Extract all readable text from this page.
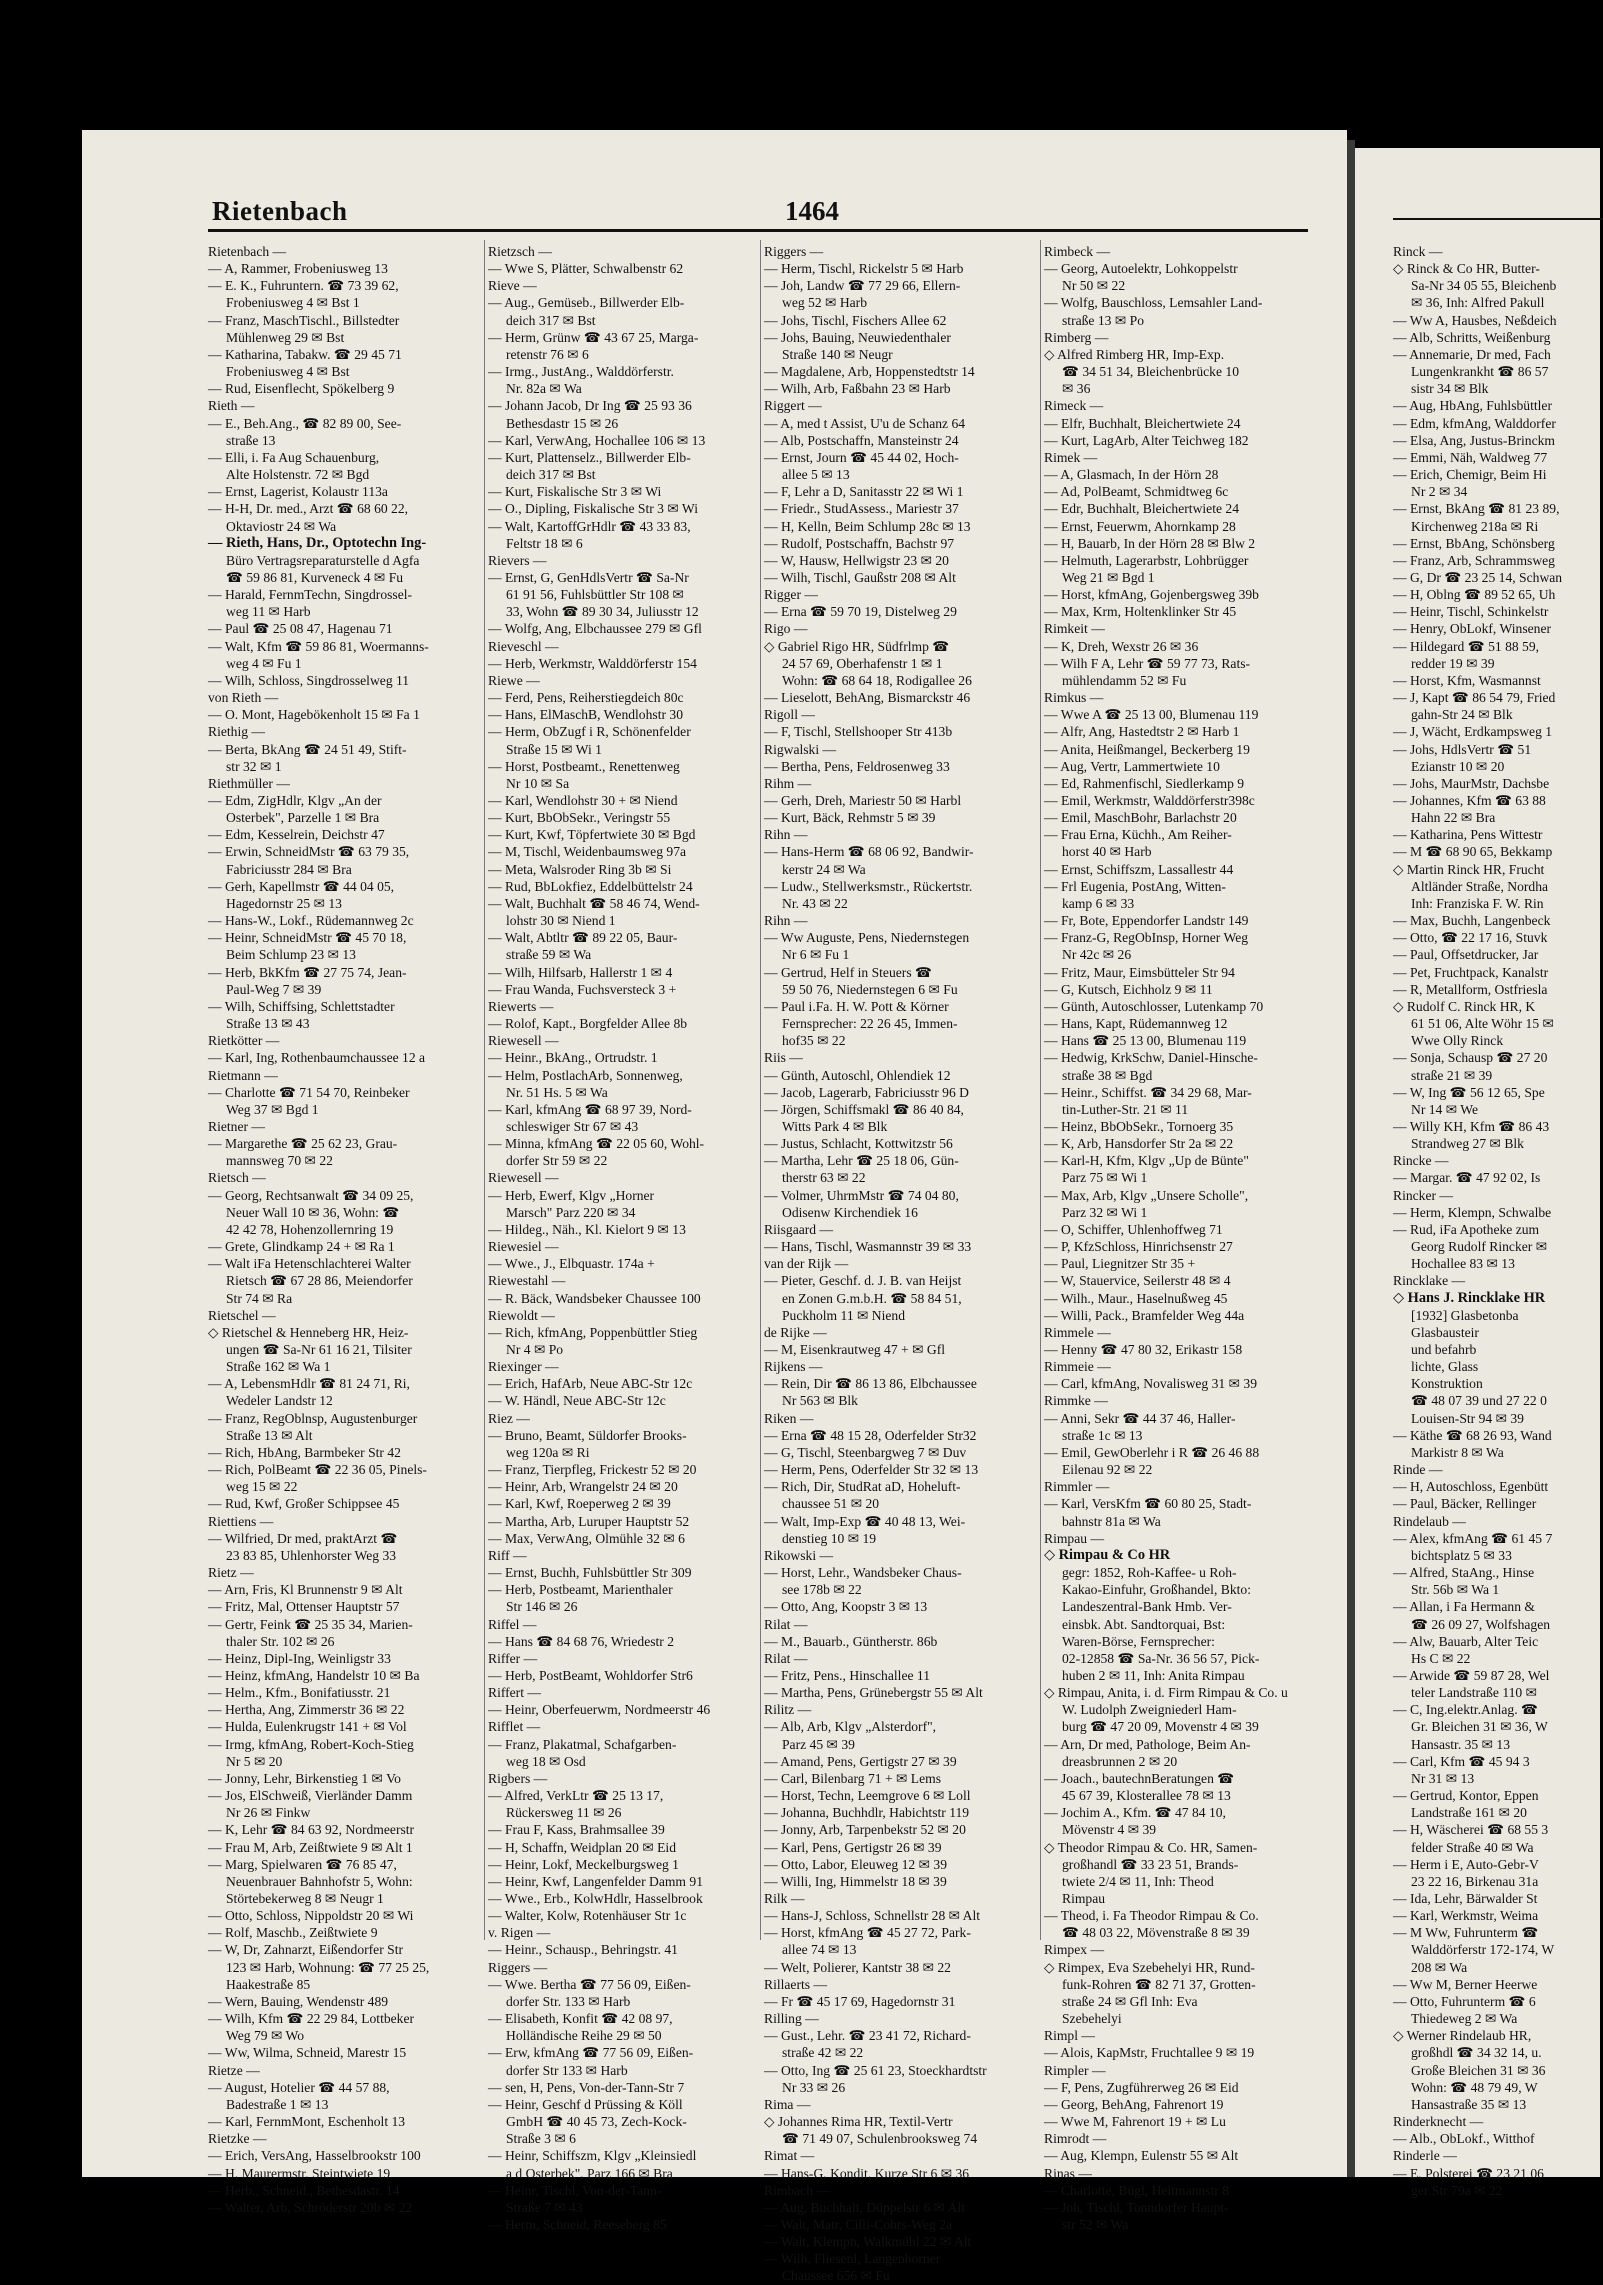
Rietenbach	1464
Rietenbach —
— A, Rammer, Frobeniusweg 13
— E. K., Fuhruntern. ☎ 73 39 62,
Frobeniusweg 4 ✉ Bst 1
— Franz, MaschTischl., Billstedter
Mühlenweg 29 ✉ Bst
— Katharina, Tabakw. ☎ 29 45 71
Frobeniusweg 4 ✉ Bst
— Rud, Eisenflecht, Spökelberg 9
Rieth —
— E., Beh.Ang., ☎ 82 89 00, See-
straße 13
— Elli, i. Fa Aug Schauenburg,
Alte Holstenstr. 72 ✉ Bgd
— Ernst, Lagerist, Kolaustr 113a
— H-H, Dr. med., Arzt ☎ 68 60 22,
Oktaviostr 24 ✉ Wa
— Rieth, Hans, Dr., Optotechn Ing-
Büro Vertragsreparaturstelle d Agfa
☎ 59 86 81, Kurveneck 4 ✉ Fu
— Harald, FernmTechn, Singdrossel-
weg 11 ✉ Harb
— Paul ☎ 25 08 47, Hagenau 71
— Walt, Kfm ☎ 59 86 81, Woermanns-
weg 4 ✉ Fu 1
— Wilh, Schloss, Singdrosselweg 11
von Rieth —
— O. Mont, Hagebökenholt 15 ✉ Fa 1
Riethig —
— Berta, BkAng ☎ 24 51 49, Stift-
str 32 ✉ 1
Riethmüller —
— Edm, ZigHdlr, Klgv „An der
Osterbek", Parzelle 1 ✉ Bra
— Edm, Kesselrein, Deichstr 47
— Erwin, SchneidMstr ☎ 63 79 35,
Fabriciusstr 284 ✉ Bra
— Gerh, Kapellmstr ☎ 44 04 05,
Hagedornstr 25 ✉ 13
— Hans-W., Lokf., Rüdemannweg 2c
— Heinr, SchneidMstr ☎ 45 70 18,
Beim Schlump 23 ✉ 13
— Herb, BkKfm ☎ 27 75 74, Jean-
Paul-Weg 7 ✉ 39
— Wilh, Schiffsing, Schlettstadter
Straße 13 ✉ 43
Rietkötter —
— Karl, Ing, Rothenbaumchaussee 12 a
Rietmann —
— Charlotte ☎ 71 54 70, Reinbeker
Weg 37 ✉ Bgd 1
Rietner —
— Margarethe ☎ 25 62 23, Grau-
mannsweg 70 ✉ 22
Rietsch —
— Georg, Rechtsanwalt ☎ 34 09 25,
Neuer Wall 10 ✉ 36, Wohn: ☎
42 42 78, Hohenzollernring 19
— Grete, Glindkamp 24 + ✉ Ra 1
— Walt iFa Hetenschlachterei Walter
Rietsch ☎ 67 28 86, Meiendorfer
Str 74 ✉ Ra
Rietschel —
◇ Rietschel & Henneberg HR, Heiz-
ungen ☎ Sa-Nr 61 16 21, Tilsiter
Straße 162 ✉ Wa 1
— A, LebensmHdlr ☎ 81 24 71, Ri,
Wedeler Landstr 12
— Franz, RegOblnsp, Augustenburger
Straße 13 ✉ Alt
— Rich, HbAng, Barmbeker Str 42
— Rich, PolBeamt ☎ 22 36 05, Pinels-
weg 15 ✉ 22
— Rud, Kwf, Großer Schippsee 45
Riettiens —
— Wilfried, Dr med, praktArzt ☎
23 83 85, Uhlenhorster Weg 33
Rietz —
— Arn, Fris, Kl Brunnenstr 9 ✉ Alt
— Fritz, Mal, Ottenser Hauptstr 57
— Gertr, Feink ☎ 25 35 34, Marien-
thaler Str. 102 ✉ 26
— Heinz, Dipl-Ing, Weinligstr 33
— Heinz, kfmAng, Handelstr 10 ✉ Ba
— Helm., Kfm., Bonifatiusstr. 21
— Hertha, Ang, Zimmerstr 36 ✉ 22
— Hulda, Eulenkrugstr 141 + ✉ Vol
— Irmg, kfmAng, Robert-Koch-Stieg
Nr 5 ✉ 20
— Jonny, Lehr, Birkenstieg 1 ✉ Vo
— Jos, ElSchweiß, Vierländer Damm
Nr 26 ✉ Finkw
— K, Lehr ☎ 84 63 92, Nordmeerstr
— Frau M, Arb, Zeißtwiete 9 ✉ Alt 1
— Marg, Spielwaren ☎ 76 85 47,
Neuenbrauer Bahnhofstr 5, Wohn:
Störtebekerweg 8 ✉ Neugr 1
— Otto, Schloss, Nippoldstr 20 ✉ Wi
— Rolf, Maschb., Zeißtwiete 9
— W, Dr, Zahnarzt, Eißendorfer Str
123 ✉ Harb, Wohnung: ☎ 77 25 25,
Haakestraße 85
— Wern, Bauing, Wendenstr 489
— Wilh, Kfm ☎ 22 29 84, Lottbeker
Weg 79 ✉ Wo
— Ww, Wilma, Schneid, Marestr 15
Rietze —
— August, Hotelier ☎ 44 57 88,
Badestraße 1 ✉ 13
— Karl, FernmMont, Eschenholt 13
Rietzke —
— Erich, VersAng, Hasselbrookstr 100
— H, Maurermstr, Steintwiete 19
— Herb., Schneid., Bethesdastr. 14
— Walter, Arb, Schröderstr 20b ✉ 22
Rietzsch —
— Wwe S, Plätter, Schwalbenstr 62
Rieve —
— Aug., Gemüseb., Billwerder Elb-
deich 317 ✉ Bst
— Herm, Grünw ☎ 43 67 25, Marga-
retenstr 76 ✉ 6
— Irmg., JustAng., Walddörferstr.
Nr. 82a ✉ Wa
— Johann Jacob, Dr Ing ☎ 25 93 36
Bethesdastr 15 ✉ 26
— Karl, VerwAng, Hochallee 106 ✉ 13
— Kurt, Plattenselz., Billwerder Elb-
deich 317 ✉ Bst
— Kurt, Fiskalische Str 3 ✉ Wi
— O., Dipling, Fiskalische Str 3 ✉ Wi
— Walt, KartoffGrHdlr ☎ 43 33 83,
Feltstr 18 ✉ 6
Rievers —
— Ernst, G, GenHdlsVertr ☎ Sa-Nr
61 91 56, Fuhlsbüttler Str 108 ✉
33, Wohn ☎ 89 30 34, Juliusstr 12
— Wolfg, Ang, Elbchaussee 279 ✉ Gfl
Rieveschl —
— Herb, Werkmstr, Walddörferstr 154
Riewe —
— Ferd, Pens, Reiherstiegdeich 80c
— Hans, ElMaschB, Wendlohstr 30
— Herm, ObZugf i R, Schönenfelder
Straße 15 ✉ Wi 1
— Horst, Postbeamt., Renettenweg
Nr 10 ✉ Sa
— Karl, Wendlohstr 30 + ✉ Niend
— Kurt, BbObSekr., Veringstr 55
— Kurt, Kwf, Töpfertwiete 30 ✉ Bgd
— M, Tischl, Weidenbaumsweg 97a
— Meta, Walsroder Ring 3b ✉ Si
— Rud, BbLokfiez, Eddelbüttelstr 24
— Walt, Buchhalt ☎ 58 46 74, Wend-
lohstr 30 ✉ Niend 1
— Walt, Abtltr ☎ 89 22 05, Baur-
straße 59 ✉ Wa
— Wilh, Hilfsarb, Hallerstr 1 ✉ 4
— Frau Wanda, Fuchsversteck 3 +
Riewerts —
— Rolof, Kapt., Borgfelder Allee 8b
Riewesell —
— Heinr., BkAng., Ortrudstr. 1
— Helm, PostlachArb, Sonnenweg,
Nr. 51 Hs. 5 ✉ Wa
— Karl, kfmAng ☎ 68 97 39, Nord-
schleswiger Str 67 ✉ 43
— Minna, kfmAng ☎ 22 05 60, Wohl-
dorfer Str 59 ✉ 22
Riewesell —
— Herb, Ewerf, Klgv „Horner
Marsch" Parz 220 ✉ 34
— Hildeg., Näh., Kl. Kielort 9 ✉ 13
Riewesiel —
— Wwe., J., Elbquastr. 174a +
Riewestahl —
— R. Bäck, Wandsbeker Chaussee 100
Riewoldt —
— Rich, kfmAng, Poppenbüttler Stieg
Nr 4 ✉ Po
Riexinger —
— Erich, HafArb, Neue ABC-Str 12c
— W. Händl, Neue ABC-Str 12c
Riez —
— Bruno, Beamt, Süldorfer Brooks-
weg 120a ✉ Ri
— Franz, Tierpfleg, Frickestr 52 ✉ 20
— Heinr, Arb, Wrangelstr 24 ✉ 20
— Karl, Kwf, Roeperweg 2 ✉ 39
— Martha, Arb, Luruper Hauptstr 52
— Max, VerwAng, Olmühle 32 ✉ 6
Riff —
— Ernst, Buchh, Fuhlsbüttler Str 309
— Herb, Postbeamt, Marienthaler
Str 146 ✉ 26
Riffel —
— Hans ☎ 84 68 76, Wriedestr 2
Riffer —
— Herb, PostBeamt, Wohldorfer Str6
Riffert —
— Heinr, Oberfeuerwm, Nordmeerstr 46
Rifflet —
— Franz, Plakatmal, Schafgarben-
weg 18 ✉ Osd
Rigbers —
— Alfred, VerkLtr ☎ 25 13 17,
Rückersweg 11 ✉ 26
— Frau F, Kass, Brahmsallee 39
— H, Schaffn, Weidplan 20 ✉ Eid
— Heinr, Lokf, Meckelburgsweg 1
— Heinr, Kwf, Langenfelder Damm 91
— Wwe., Erb., KolwHdlr, Hasselbrook
— Walter, Kolw, Rotenhäuser Str 1c
v. Rigen —
— Heinr., Schausp., Behringstr. 41
Riggers —
— Wwe. Bertha ☎ 77 56 09, Eißen-
dorfer Str. 133 ✉ Harb
— Elisabeth, Konfit ☎ 42 08 97,
Holländische Reihe 29 ✉ 50
— Erw, kfmAng ☎ 77 56 09, Eißen-
dorfer Str 133 ✉ Harb
— sen, H, Pens, Von-der-Tann-Str 7
— Heinr, Geschf d Prüssing & Köll
GmbH ☎ 40 45 73, Zech-Kock-
Straße 3 ✉ 6
— Heinr, Schiffszm, Klgv „Kleinsiedl
a d Osterbek", Parz 166 ✉ Bra
— Heinr, Tischl, Von-der-Tann-
Straße 7 ✉ 43
— Herm, Schneid, Reeseberg 85
Riggers —
— Herm, Tischl, Rickelstr 5 ✉ Harb
— Joh, Landw ☎ 77 29 66, Ellern-
weg 52 ✉ Harb
— Johs, Tischl, Fischers Allee 62
— Johs, Bauing, Neuwiedenthaler
Straße 140 ✉ Neugr
— Magdalene, Arb, Hoppenstedtstr 14
— Wilh, Arb, Faßbahn 23 ✉ Harb
Riggert —
— A, med t Assist, U'u de Schanz 64
— Alb, Postschaffn, Mansteinstr 24
— Ernst, Journ ☎ 45 44 02, Hoch-
allee 5 ✉ 13
— F, Lehr a D, Sanitasstr 22 ✉ Wi 1
— Friedr., StudAssess., Mariestr 37
— H, Kelln, Beim Schlump 28c ✉ 13
— Rudolf, Postschaffn, Bachstr 97
— W, Hausw, Hellwigstr 23 ✉ 20
— Wilh, Tischl, Gaußstr 208 ✉ Alt
Rigger —
— Erna ☎ 59 70 19, Distelweg 29
Rigo —
◇ Gabriel Rigo HR, Südfrlmp ☎
24 57 69, Oberhafenstr 1 ✉ 1
Wohn: ☎ 68 64 18, Rodigallee 26
— Lieselott, BehAng, Bismarckstr 46
Rigoll —
— F, Tischl, Stellshooper Str 413b
Rigwalski —
— Bertha, Pens, Feldrosenweg 33
Rihm —
— Gerh, Dreh, Mariestr 50 ✉ Harbl
— Kurt, Bäck, Rehmstr 5 ✉ 39
Rihn —
— Hans-Herm ☎ 68 06 92, Bandwir-
kerstr 24 ✉ Wa
— Ludw., Stellwerksmstr., Rückertstr.
Nr. 43 ✉ 22
Rihn —
— Ww Auguste, Pens, Niedernstegen
Nr 6 ✉ Fu 1
— Gertrud, Helf in Steuers ☎
59 50 76, Niedernstegen 6 ✉ Fu
— Paul i.Fa. H. W. Pott & Körner
Fernsprecher: 22 26 45, Immen-
hof35 ✉ 22
Riis —
— Günth, Autoschl, Ohlendiek 12
— Jacob, Lagerarb, Fabriciusstr 96 D
— Jörgen, Schiffsmakl ☎ 86 40 84,
Witts Park 4 ✉ Blk
— Justus, Schlacht, Kottwitzstr 56
— Martha, Lehr ☎ 25 18 06, Gün-
therstr 63 ✉ 22
— Volmer, UhrmMstr ☎ 74 04 80,
Odisenw Kirchendiek 16
Riisgaard —
— Hans, Tischl, Wasmannstr 39 ✉ 33
van der Rijk —
— Pieter, Geschf. d. J. B. van Heijst
en Zonen G.m.b.H. ☎ 58 84 51,
Puckholm 11 ✉ Niend
de Rijke —
— M, Eisenkrautweg 47 + ✉ Gfl
Rijkens —
— Rein, Dir ☎ 86 13 86, Elbchaussee
Nr 563 ✉ Blk
Riken —
— Erna ☎ 48 15 28, Oderfelder Str32
— G, Tischl, Steenbargweg 7 ✉ Duv
— Herm, Pens, Oderfelder Str 32 ✉ 13
— Rich, Dir, StudRat aD, Hoheluft-
chaussee 51 ✉ 20
— Walt, Imp-Exp ☎ 40 48 13, Wei-
denstieg 10 ✉ 19
Rikowski —
— Horst, Lehr., Wandsbeker Chaus-
see 178b ✉ 22
— Otto, Ang, Koopstr 3 ✉ 13
Rilat —
— M., Bauarb., Güntherstr. 86b
Rilat —
— Fritz, Pens., Hinschallee 11
— Martha, Pens, Grünebergstr 55 ✉ Alt
Rilitz —
— Alb, Arb, Klgv „Alsterdorf",
Parz 45 ✉ 39
— Amand, Pens, Gertigstr 27 ✉ 39
— Carl, Bilenbarg 71 + ✉ Lems
— Horst, Techn, Leemgrove 6 ✉ Loll
— Johanna, Buchhdlr, Habichtstr 119
— Jonny, Arb, Tarpenbekstr 52 ✉ 20
— Karl, Pens, Gertigstr 26 ✉ 39
— Otto, Labor, Eleuweg 12 ✉ 39
— Willi, Ing, Himmelstr 18 ✉ 39
Rilk —
— Hans-J, Schloss, Schnellstr 28 ✉ Alt
— Horst, kfmAng ☎ 45 27 72, Park-
allee 74 ✉ 13
— Welt, Polierer, Kantstr 38 ✉ 22
Rillaerts —
— Fr ☎ 45 17 69, Hagedornstr 31
Rilling —
— Gust., Lehr. ☎ 23 41 72, Richard-
straße 42 ✉ 22
— Otto, Ing ☎ 25 61 23, Stoeckhardtstr
Nr 33 ✉ 26
Rima —
◇ Johannes Rima HR, Textil-Vertr
☎ 71 49 07, Schulenbrooksweg 74
Rimat —
— Hans-G, Kondit, Kurze Str 6 ✉ 36
Rimbach —
— Aug, Buchhalt, Düppelstr 6 ✉ Alt
— Walt, Matr, Cilli-Cohrs-Weg 2a
— Walt, Klempn, Walkmühl 22 ✉ Alt
— Wilh, Fliesenl, Langenhorner
Chaussee 656 ✉ Fu
Rimbeck —
— Georg, Autoelektr, Lohkoppelstr
Nr 50 ✉ 22
— Wolfg, Bauschloss, Lemsahler Land-
straße 13 ✉ Po
Rimberg —
◇ Alfred Rimberg HR, Imp-Exp.
☎ 34 51 34, Bleichenbrücke 10
✉ 36
Rimeck —
— Elfr, Buchhalt, Bleichertwiete 24
— Kurt, LagArb, Alter Teichweg 182
Rimek —
— A, Glasmach, In der Hörn 28
— Ad, PolBeamt, Schmidtweg 6c
— Edr, Buchhalt, Bleichertwiete 24
— Ernst, Feuerwm, Ahornkamp 28
— H, Bauarb, In der Hörn 28 ✉ Blw 2
— Helmuth, Lagerarbstr, Lohbrügger
Weg 21 ✉ Bgd 1
— Horst, kfmAng, Gojenbergsweg 39b
— Max, Krm, Holtenklinker Str 45
Rimkeit —
— K, Dreh, Wexstr 26 ✉ 36
— Wilh F A, Lehr ☎ 59 77 73, Rats-
mühlendamm 52 ✉ Fu
Rimkus —
— Wwe A ☎ 25 13 00, Blumenau 119
— Alfr, Ang, Hastedtstr 2 ✉ Harb 1
— Anita, Heißmangel, Beckerberg 19
— Aug, Vertr, Lammertwiete 10
— Ed, Rahmenfischl, Siedlerkamp 9
— Emil, Werkmstr, Walddörferstr398c
— Emil, MaschBohr, Barlachstr 20
— Frau Erna, Küchh., Am Reiher-
horst 40 ✉ Harb
— Ernst, Schiffszm, Lassallestr 44
— Frl Eugenia, PostAng, Witten-
kamp 6 ✉ 33
— Fr, Bote, Eppendorfer Landstr 149
— Franz-G, RegObInsp, Horner Weg
Nr 42c ✉ 26
— Fritz, Maur, Eimsbütteler Str 94
— G, Kutsch, Eichholz 9 ✉ 11
— Günth, Autoschlosser, Lutenkamp 70
— Hans, Kapt, Rüdemannweg 12
— Hans ☎ 25 13 00, Blumenau 119
— Hedwig, KrkSchw, Daniel-Hinsche-
straße 38 ✉ Bgd
— Heinr., Schiffst. ☎ 34 29 68, Mar-
tin-Luther-Str. 21 ✉ 11
— Heinz, BbObSekr., Tornoerg 35
— K, Arb, Hansdorfer Str 2a ✉ 22
— Karl-H, Kfm, Klgv „Up de Bünte"
Parz 75 ✉ Wi 1
— Max, Arb, Klgv „Unsere Scholle",
Parz 32 ✉ Wi 1
— O, Schiffer, Uhlenhoffweg 71
— P, KfzSchloss, Hinrichsenstr 27
— Paul, Liegnitzer Str 35 +
— W, Stauervice, Seilerstr 48 ✉ 4
— Wilh., Maur., Haselnußweg 45
— Willi, Pack., Bramfelder Weg 44a
Rimmele —
— Henny ☎ 47 80 32, Erikastr 158
Rimmeie —
— Carl, kfmAng, Novalisweg 31 ✉ 39
Rimmke —
— Anni, Sekr ☎ 44 37 46, Haller-
straße 1c ✉ 13
— Emil, GewOberlehr i R ☎ 26 46 88
Eilenau 92 ✉ 22
Rimmler —
— Karl, VersKfm ☎ 60 80 25, Stadt-
bahnstr 81a ✉ Wa
Rimpau —
◇ Rimpau & Co HR
gegr: 1852, Roh-Kaffee- u Roh-
Kakao-Einfuhr, Großhandel, Bkto:
Landeszentral-Bank Hmb. Ver-
einsbk. Abt. Sandtorquai, Bst:
Waren-Börse, Fernsprecher:
02-12858 ☎ Sa-Nr. 36 56 57, Pick-
huben 2 ✉ 11, Inh: Anita Rimpau
◇ Rimpau, Anita, i. d. Firm Rimpau & Co. u
W. Ludolph Zweigniederl Ham-
burg ☎ 47 20 09, Movenstr 4 ✉ 39
— Arn, Dr med, Pathologe, Beim An-
dreasbrunnen 2 ✉ 20
— Joach., bautechnBeratungen ☎
45 67 39, Klosterallee 78 ✉ 13
— Jochim A., Kfm. ☎ 47 84 10,
Mövenstr 4 ✉ 39
◇ Theodor Rimpau & Co. HR, Samen-
großhandl ☎ 33 23 51, Brands-
twiete 2/4 ✉ 11, Inh: Theod
Rimpau
— Theod, i. Fa Theodor Rimpau & Co.
☎ 48 03 22, Mövenstraße 8 ✉ 39
Rimpex —
◇ Rimpex, Eva Szebehelyi HR, Rund-
funk-Rohren ☎ 82 71 37, Grotten-
straße 24 ✉ Gfl Inh: Eva
Szebehelyi
Rimpl —
— Alois, KapMstr, Fruchtallee 9 ✉ 19
Rimpler —
— F, Pens, Zugführerweg 26 ✉ Eid
— Georg, BehAng, Fahrenort 19
— Wwe M, Fahrenort 19 + ✉ Lu
Rimrodt —
— Aug, Klempn, Eulenstr 55 ✉ Alt
Rinas —
— Charlotte, Bügl, Heitmannstr 8
— Joh, Tischl, Tonndorfer Haupt-
str 52 ✉ Wa
Rinck —
◇ Rinck & Co HR, Butter-
Sa-Nr 34 05 55, Bleichenb
✉ 36, Inh: Alfred Pakull
— Ww A, Hausbes, Neßdeich
— Alb, Schritts, Weißenburg
— Annemarie, Dr med, Fach
Lungenkrankht ☎ 86 57
sistr 34 ✉ Blk
— Aug, HbAng, Fuhlsbüttler
— Edm, kfmAng, Walddorfer
— Elsa, Ang, Justus-Brinckm
— Emmi, Näh, Waldweg 77
— Erich, Chemigr, Beim Hi
Nr 2 ✉ 34
— Ernst, BkAng ☎ 81 23 89,
Kirchenweg 218a ✉ Ri
— Ernst, BbAng, Schönsberg
— Franz, Arb, Schrammsweg
— G, Dr ☎ 23 25 14, Schwan
— H, Oblng ☎ 89 52 65, Uh
— Heinr, Tischl, Schinkelstr
— Henry, ObLokf, Winsener
— Hildegard ☎ 51 88 59,
redder 19 ✉ 39
— Horst, Kfm, Wasmannst
— J, Kapt ☎ 86 54 79, Fried
gahn-Str 24 ✉ Blk
— J, Wächt, Erdkampsweg 1
— Johs, HdlsVertr ☎ 51
Ezianstr 10 ✉ 20
— Johs, MaurMstr, Dachsbe
— Johannes, Kfm ☎ 63 88
Hahn 22 ✉ Bra
— Katharina, Pens Wittestr
— M ☎ 68 90 65, Bekkamp
◇ Martin Rinck HR, Frucht
Altländer Straße, Nordha
Inh: Franziska F. W. Rin
— Max, Buchh, Langenbeck
— Otto, ☎ 22 17 16, Stuvk
— Paul, Offsetdrucker, Jar
— Pet, Fruchtpack, Kanalstr
— R, Metallform, Ostfriesla
◇ Rudolf C. Rinck HR, K
61 51 06, Alte Wöhr 15 ✉
Wwe Olly Rinck
— Sonja, Schausp ☎ 27 20
straße 21 ✉ 39
— W, Ing ☎ 56 12 65, Spe
Nr 14 ✉ We
— Willy KH, Kfm ☎ 86 43
Strandweg 27 ✉ Blk
Rincke —
— Margar. ☎ 47 92 02, Is
Rincker —
— Herm, Klempn, Schwalbe
— Rud, iFa Apotheke zum
Georg Rudolf Rincker ✉
Hochallee 83 ✉ 13
Rincklake —
◇ Hans J. Rincklake HR
[1932] Glasbetonba
Glasbausteir
und befahrb
lichte, Glass
Konstruktion
☎ 48 07 39 und 27 22 0
Louisen-Str 94 ✉ 39
— Käthe ☎ 68 26 93, Wand
Markistr 8 ✉ Wa
Rinde —
— H, Autoschloss, Egenbütt
— Paul, Bäcker, Rellinger
Rindelaub —
— Alex, kfmAng ☎ 61 45 7
bichtsplatz 5 ✉ 33
— Alfred, StaAng., Hinse
Str. 56b ✉ Wa 1
— Allan, i Fa Hermann &
☎ 26 09 27, Wolfshagen
— Alw, Bauarb, Alter Teic
Hs C ✉ 22
— Arwide ☎ 59 87 28, Wel
teler Landstraße 110 ✉
— C, Ing.elektr.Anlag. ☎
Gr. Bleichen 31 ✉ 36, W
Hansastr. 35 ✉ 13
— Carl, Kfm ☎ 45 94 3
Nr 31 ✉ 13
— Gertrud, Kontor, Eppen
Landstraße 161 ✉ 20
— H, Wäscherei ☎ 68 55 3
felder Straße 40 ✉ Wa
— Herm i E, Auto-Gebr-V
23 22 16, Birkenau 31a
— Ida, Lehr, Bärwalder St
— Karl, Werkmstr, Weima
— M Ww, Fuhrunterm ☎
Walddörferstr 172-174, W
208 ✉ Wa
— Ww M, Berner Heerwe
— Otto, Fuhrunterm ☎ 6
Thiedeweg 2 ✉ Wa
◇ Werner Rindelaub HR,
großhdl ☎ 34 32 14, u.
Große Bleichen 31 ✉ 36
Wohn: ☎ 48 79 49, W
Hansastraße 35 ✉ 13
Rinderknecht —
— Alb., ObLokf., Witthof
Rinderle —
— E, Polsterei ☎ 23 21 06
ger Str 79a ✉ 22
